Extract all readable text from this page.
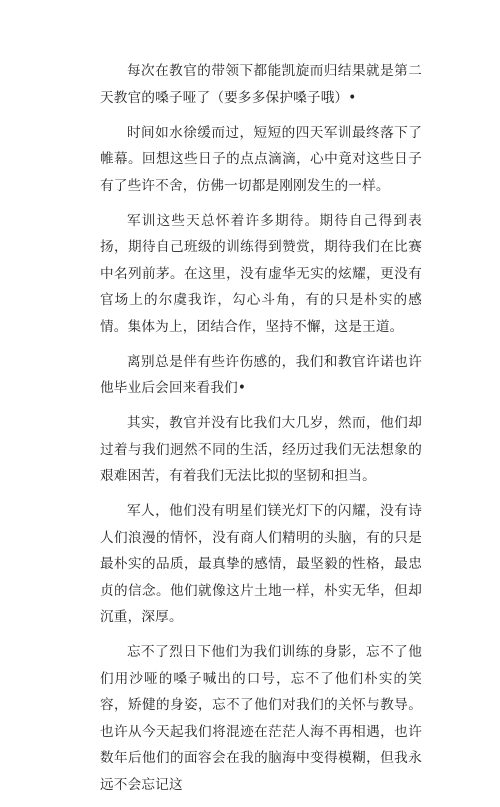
每次在教官的带领下都能凯旋而归结果就是第二天教官的嗓子哑了（要多多保护嗓子哦）•

时间如水徐缓而过，短短的四天军训最终落下了帷幕。回想这些日子的点点滴滴，心中竟对这些日子有了些许不舍，仿佛一切都是刚刚发生的一样。

军训这些天总怀着许多期待。期待自己得到表扬，期待自己班级的训练得到赞赏，期待我们在比赛中名列前茅。在这里，没有虚华无实的炫耀，更没有官场上的尔虞我诈，勾心斗角，有的只是朴实的感情。集体为上，团结合作，坚持不懈，这是王道。

离别总是伴有些许伤感的，我们和教官许诺也许他毕业后会回来看我们•

其实，教官并没有比我们大几岁，然而，他们却过着与我们迥然不同的生活，经历过我们无法想象的艰难困苦，有着我们无法比拟的坚韧和担当。

军人，他们没有明星们镁光灯下的闪耀，没有诗人们浪漫的情怀，没有商人们精明的头脑，有的只是最朴实的品质，最真挚的感情，最坚毅的性格，最忠贞的信念。他们就像这片土地一样，朴实无华，但却沉重，深厚。

忘不了烈日下他们为我们训练的身影，忘不了他们用沙哑的嗓子喊出的口号，忘不了他们朴实的笑容，矫健的身姿，忘不了他们对我们的关怀与教导。也许从今天起我们将混迹在茫茫人海不再相遇，也许数年后他们的面容会在我的脑海中变得模糊，但我永远不会忘记这
